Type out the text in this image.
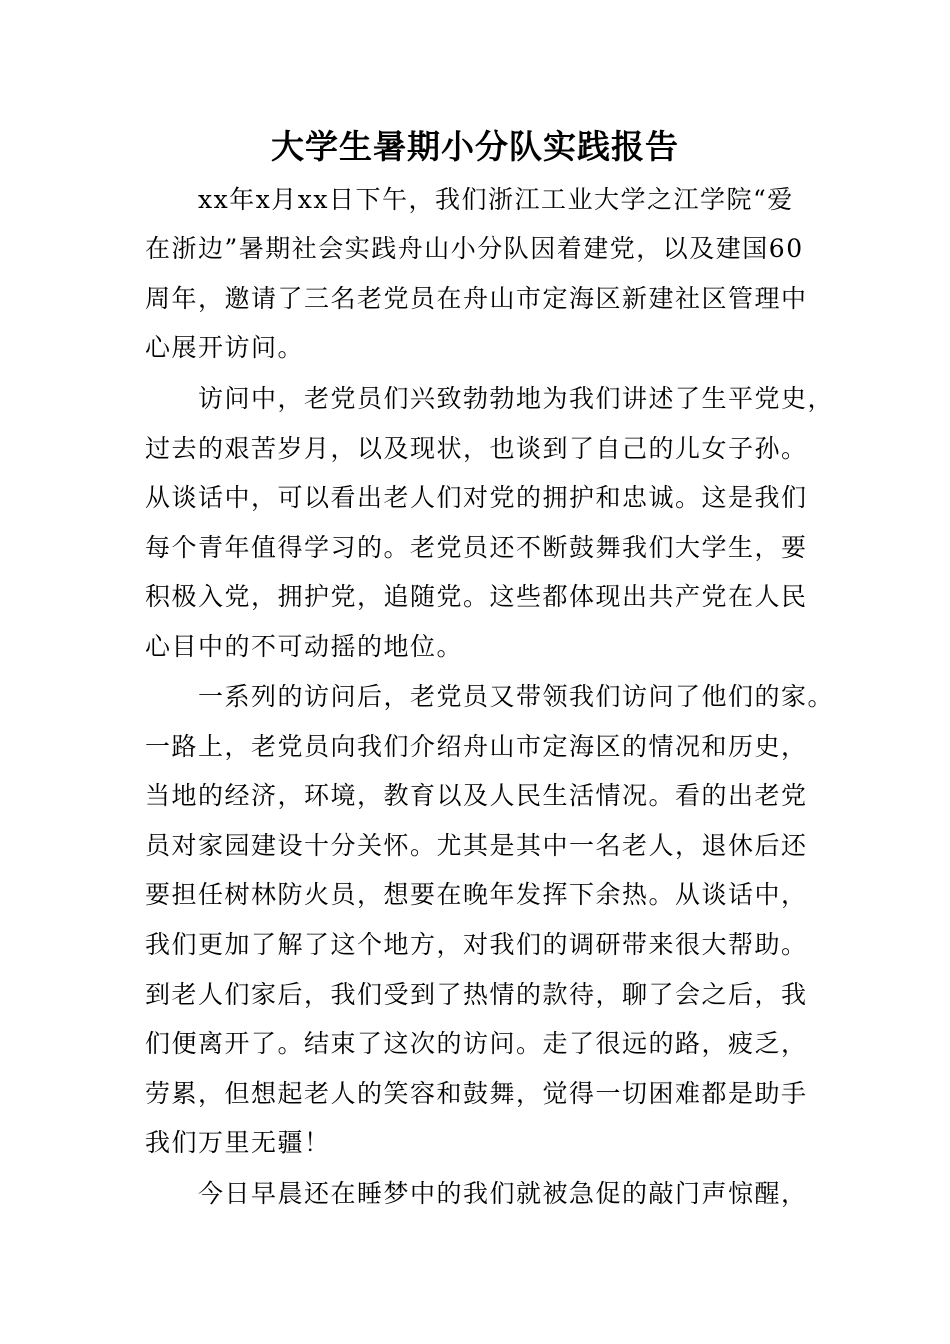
大学生暑期小分队实践报告
xx年x月xx日下午，我们浙江工业大学之江学院“爱
在浙边”暑期社会实践舟山小分队因着建党，以及建国60
周年，邀请了三名老党员在舟山市定海区新建社区管理中
心展开访问。
访问中，老党员们兴致勃勃地为我们讲述了生平党史，
过去的艰苦岁月，以及现状，也谈到了自己的儿女子孙。
从谈话中，可以看出老人们对党的拥护和忠诚。这是我们
每个青年值得学习的。老党员还不断鼓舞我们大学生，要
积极入党，拥护党，追随党。这些都体现出共产党在人民
心目中的不可动摇的地位。
一系列的访问后，老党员又带领我们访问了他们的家。
一路上，老党员向我们介绍舟山市定海区的情况和历史，
当地的经济，环境，教育以及人民生活情况。看的出老党
员对家园建设十分关怀。尤其是其中一名老人，退休后还
要担任树林防火员，想要在晚年发挥下余热。从谈话中，
我们更加了解了这个地方，对我们的调研带来很大帮助。
到老人们家后，我们受到了热情的款待，聊了会之后，我
们便离开了。结束了这次的访问。走了很远的路，疲乏，
劳累，但想起老人的笑容和鼓舞，觉得一切困难都是助手
我们万里无疆！
今日早晨还在睡梦中的我们就被急促的敲门声惊醒，
